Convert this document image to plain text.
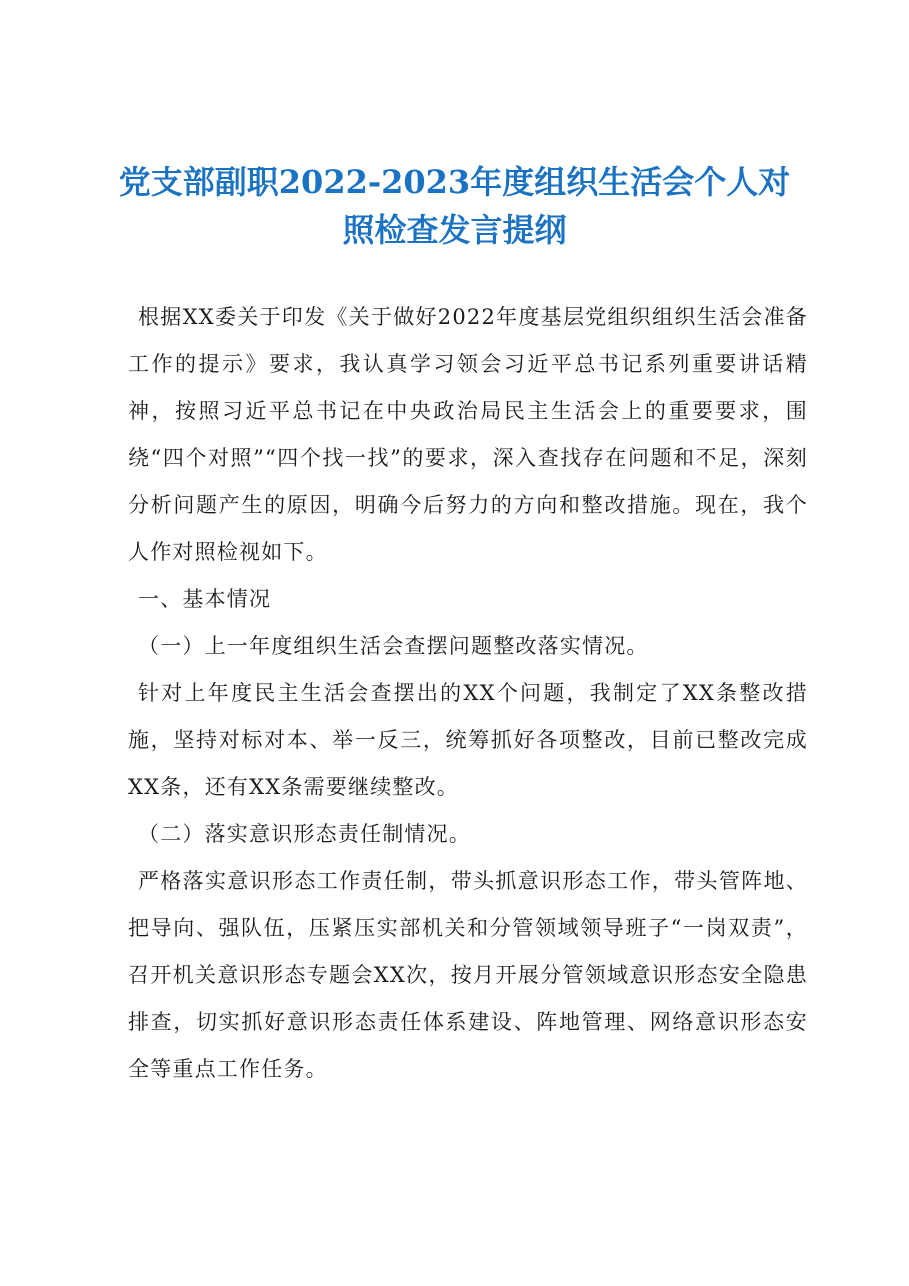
党支部副职2022-2023年度组织生活会个人对
照检查发言提纲

根据XX委关于印发《关于做好2022年度基层党组织组织生活会准备工作的提示》要求，我认真学习领会习近平总书记系列重要讲话精神，按照习近平总书记在中央政治局民主生活会上的重要要求，围绕“四个对照”“四个找一找”的要求，深入查找存在问题和不足，深刻分析问题产生的原因，明确今后努力的方向和整改措施。现在，我个人作对照检视如下。

一、基本情况

（一）上一年度组织生活会查摆问题整改落实情况。

针对上年度民主生活会查摆出的XX个问题，我制定了XX条整改措施，坚持对标对本、举一反三，统筹抓好各项整改，目前已整改完成XX条，还有XX条需要继续整改。

（二）落实意识形态责任制情况。

严格落实意识形态工作责任制，带头抓意识形态工作，带头管阵地、把导向、强队伍，压紧压实部机关和分管领域领导班子“一岗双责”，召开机关意识形态专题会XX次，按月开展分管领域意识形态安全隐患排查，切实抓好意识形态责任体系建设、阵地管理、网络意识形态安全等重点工作任务。
